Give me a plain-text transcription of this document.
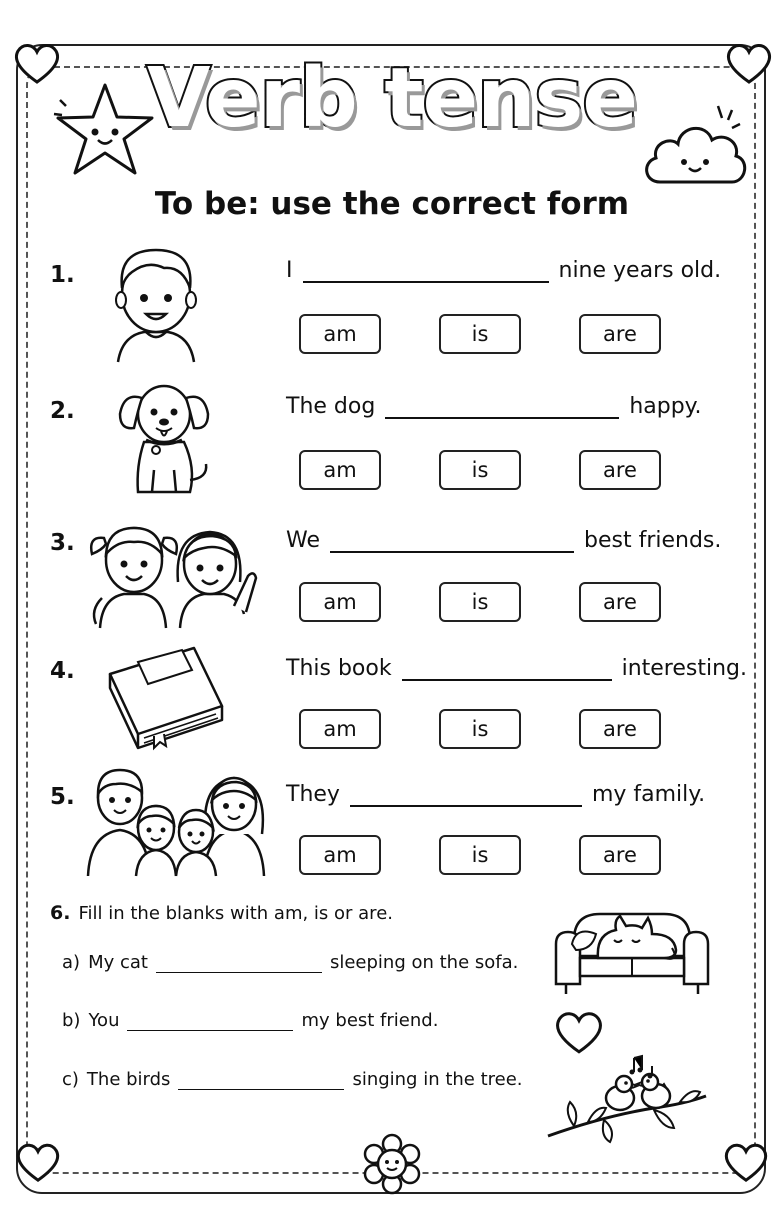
Verb tense
To be: use the correct form
1.	I	nine years old.
am	is	are
2.	The dog	happy.
am	is	are
3.	We	best friends.
am	is	are
4.	This book	interesting.
am	is	are
5.	They	my family.
am	is	are
6. Fill in the blanks with am, is or are.
a) My cat	sleeping on the sofa.
b) You	my best friend.
c) The birds	singing in the tree.
